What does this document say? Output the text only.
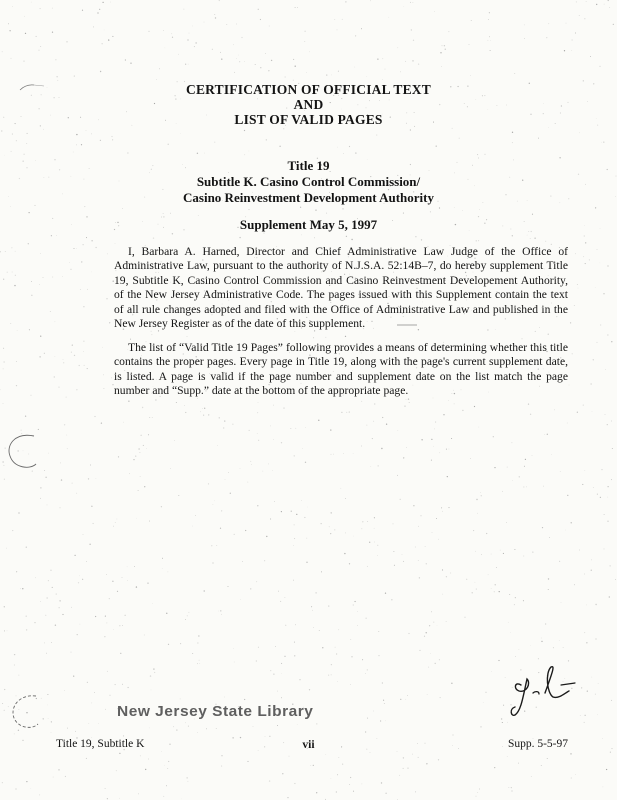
CERTIFICATION OF OFFICIAL TEXT
AND
LIST OF VALID PAGES
Title 19
Subtitle K. Casino Control Commission/
Casino Reinvestment Development Authority
Supplement May 5, 1997

I, Barbara A. Harned, Director and Chief Administrative Law Judge of the Office of Administrative Law, pursuant to the authority of N.J.S.A. 52:14B–7, do hereby supplement Title 19, Subtitle K, Casino Control Commission and Casino Reinvestment Developement Authority, of the New Jersey Administrative Code. The pages issued with this Supplement contain the text of all rule changes adopted and filed with the Office of Administrative Law and published in the New Jersey Register as of the date of this supplement.

The list of “Valid Title 19 Pages” following provides a means of determining whether this title contains the proper pages. Every page in Title 19, along with the page's current supplement date, is listed. A page is valid if the page number and supplement date on the list match the page number and “Supp.” date at the bottom of the appropriate page.

New Jersey State Library
Title 19, Subtitle K	vii	Supp. 5-5-97
